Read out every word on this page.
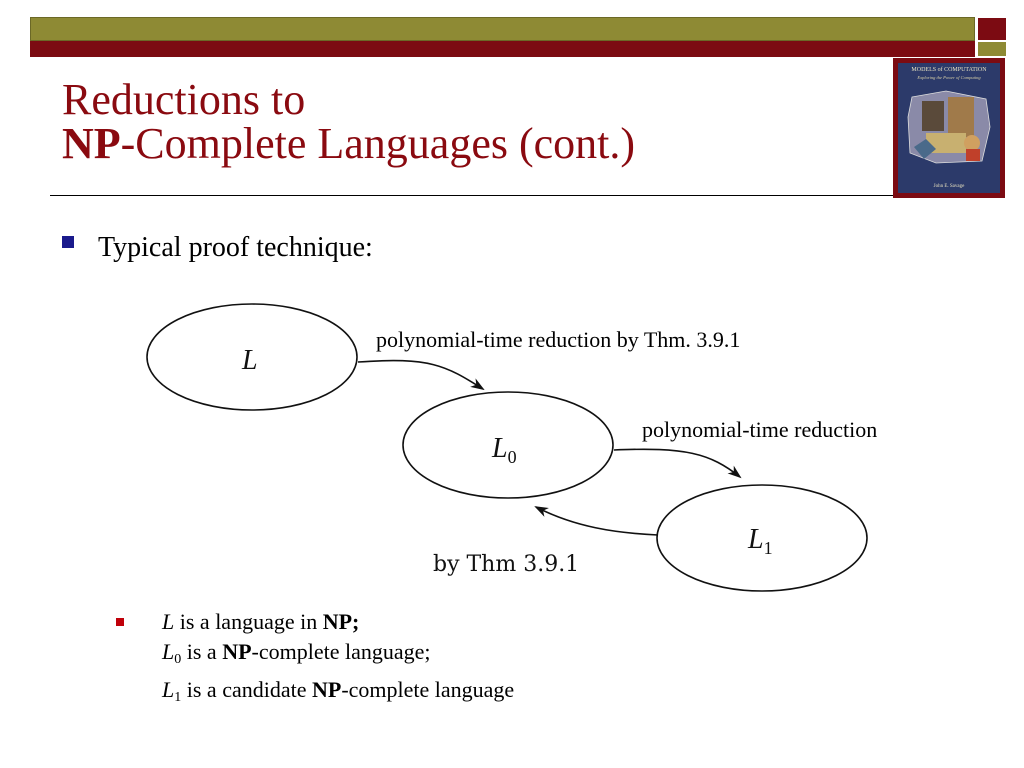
Reductions to
NP-Complete Languages (cont.)
MODELS of COMPUTATION
Exploring the Power of Computing
John E. Savage
Typical proof technique:
L
$L_0$
$L_1$
by Thm 3.9.1
polynomial-time reduction by Thm. 3.9.1
polynomial-time reduction
L is a language in NP;
$L_0$ is a NP-complete language;
$L_1$ is a candidate NP-complete language
